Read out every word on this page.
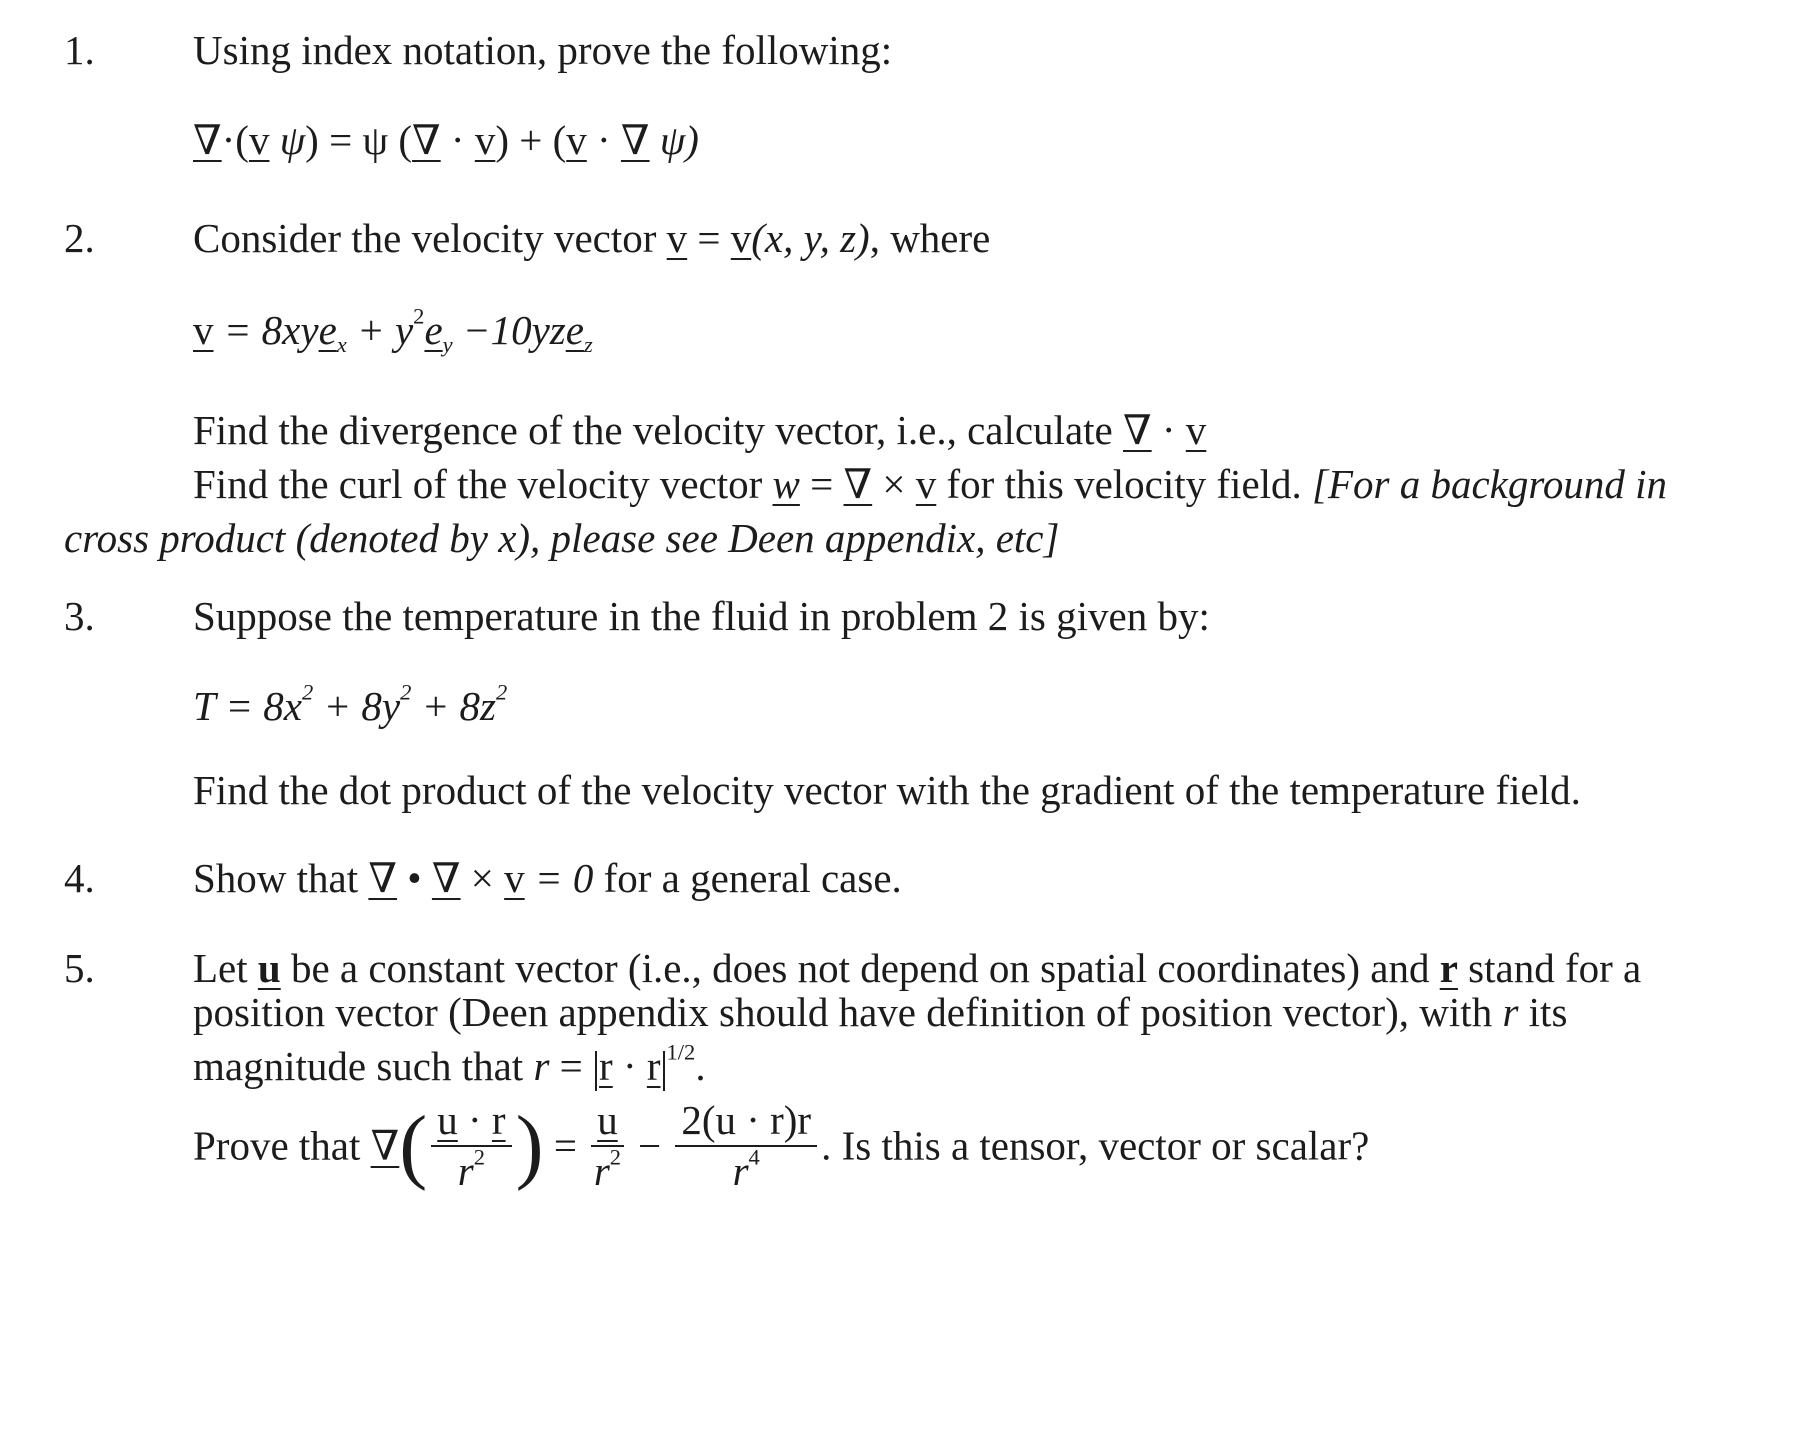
1. Using index notation, prove the following:
∇·(v ψ) = ψ (∇ · v) + (v · ∇ ψ)
2. Consider the velocity vector v = v(x, y, z), where
$v = 8xye_x + y^2e_y -10yze_z$
Find the divergence of the velocity vector, i.e., calculate ∇ · v
Find the curl of the velocity vector w = ∇ × v for this velocity field. [For a background in
cross product (denoted by x), please see Deen appendix, etc]
3. Suppose the temperature in the fluid in problem 2 is given by:
$T = 8x^2 + 8y^2 + 8z^2$
Find the dot product of the velocity vector with the gradient of the temperature field.
4. Show that ∇ • ∇ × v = 0 for a general case.
5. Let u be a constant vector (i.e., does not depend on spatial coordinates) and r stand for a
position vector (Deen appendix should have definition of position vector), with r its
magnitude such that r = r · r $^{1/2}$.
Prove that ∇( $\frac{u \cdot r}{r^2}$ ) = $\frac{u}{r^2} - \frac{2(u \cdot r)r}{r^4}$ . Is this a tensor, vector or scalar?
